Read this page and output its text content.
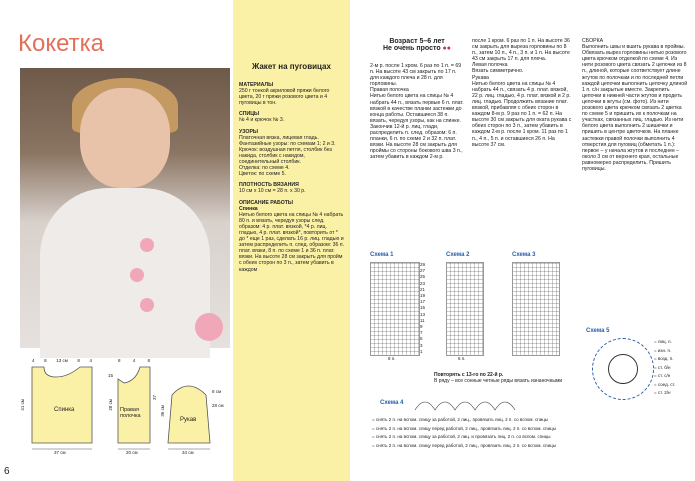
Кокетка
Спинка	Правая полочка
Рукав
4 8 13 см 8 4	8	4	8
37 см	20 см	34 см
41 см	28 см
15
37
8 см
28 см
36 см
6
Жакет на пуговицах
МАТЕРИАЛЫ
250 г тонкой акриловой пряжи белого цвета, 20 г пряжи розового цвета и 4 пуговицы в тон.
СПИЦЫ
№ 4 и крючок № 3.
УЗОРЫ
Платочная вязка, лицевая гладь.
Фантазийные узоры: по схемам 1; 2 и 3.
Крючок: воздушная петля, столбик без накида, столбик с накидом, соединительный столбик.
Отделка: по схеме 4.
Цветок: по схеме 5.
ПЛОТНОСТЬ ВЯЗАНИЯ
10 см х 10 см = 28 п. х 30 р.
ОПИСАНИЕ РАБОТЫ
Спинка
Нитью белого цвета на спицы № 4 набрать 80 п. и вязать, чередуя узоры след. образом: 4 р. плат. вязкой, *4 р. лиц. гладью, 4 р. плат. вязкой*, повторить от * до * еще 1 раз, сделать 16 р. лиц. гладью и затем распределить п. след. образом: 36 п. плат. вязки, 8 п. по схеме 1 и 36 п. плат. вязки. На высоте 28 см закрыть для пройм с обеих сторон по 3 п., затем убавить в каждом
Возраст 5–6 лет
Не очень просто ●●
2-м р. после 1 кром. 6 раз по 1 п. = 69 п. На высоте 43 см закрыть по 17 п. для каждого плеча и 28 п. для горловины.
Правая полочка
Нитью белого цвета на спицы № 4 набрать 44 п., вязать первые 6 п. плат. вязкой в качестве планки застежки до конца работы. Оставшиеся 38 п. вязать, чередуя узоры, как на спинке. Закончив 12-й р. лиц. глади, распределить п. след. образом: 6 п. планки, 6 п. по схеме 2 и 32 п. плат. вязки. На высоте 28 см закрыть для проймы со стороны бокового шва 3 п., затем убавить в каждом 2-м р.
после 1 кром. 6 раз по 1 п. На высоте 36 см закрыть для выреза горловины по 8 п., затем 10 п., 4 п., 3 п. и 1 п. На высоте 43 см закрыть 17 п. для плеча.
Левая полочка
Вязать симметрично.
Рукава
Нитью белого цвета на спицы № 4 набрать 44 п., связать 4 р. плат. вязкой, 22 р. лиц. гладью, 4 р. плат. вязкой и 2 р. лиц. гладью. Продолжить вязание плат. вязкой, прибавляя с обеих сторон в каждом 8-м р. 9 раз по 1 п. = 62 п. На высоте 30 см закрыть для оката рукава с обеих сторон по 3 п., затем убавить в каждом 2-м р. после 1 кром. 11 раз по 1 п., 4 п., 5 п. и оставшиеся 26 п. На высоте 37 см.
СБОРКА
Выполнить швы и вшить рукава в проймы. Обвязать вырез горловины нитью розового цвета крючком отделкой по схеме 4. Из нити розового цвета связать 2 цепочки из 8 п., длиной, которые соответствует длине жгутов по полочкам и по последней петли каждой цепочки выполнить цепочку длиной 1 п. с/н закрытые вместе. Закрепить цепочки в нижней части жгутов и продеть цепочки в жгуты (см. фото). Из нити розового цвета крючком связать 2 цветка по схеме 5 и пришить их к полочкам на участках, связанных лиц. гладью. Из нити белого цвета выполнить 2 шишечки и пришить в центре цветочков. На планке застежки правой полочки выполнить 4 отверстия для пуговиц (обметать 1 п.): первое – у начала жгутов и последнее – около 3 см от верхнего края, остальные равномерно распределить. Пришить пуговицы.
Схема 1	Схема 2	Схема 3
29
27
25
23
21
19
17
15
13
11
9
7
5
3
1
8 п.	6 п.
Повторять с 13-го по 22-й р.
В ряду – все сонные четные ряды вязать изнаночными
Схема 4
= снять 2 п. на вспом. спицу за работой, 2 лиц., провязать лиц. 2 п. со вспом. спицы
= снять 2 п. на вспом. спицу перед работой, 2 лиц., провязать лиц. 2 п. со вспом. спицы
= снять 2 п. на вспом. спицу за работой, 2 лиц. и провязать лиц. 2 п. со вспом. спицы
= снять 2 п. на вспом. спицу перед работой, 2 лиц., провязать лиц. 2 п. со вспом. спицы
Схема 5
= лиц. п.
= изн. п.
= возд. п.
= ст. б/н
= ст. с/н
= соед. ст.
= ст. 2/н
